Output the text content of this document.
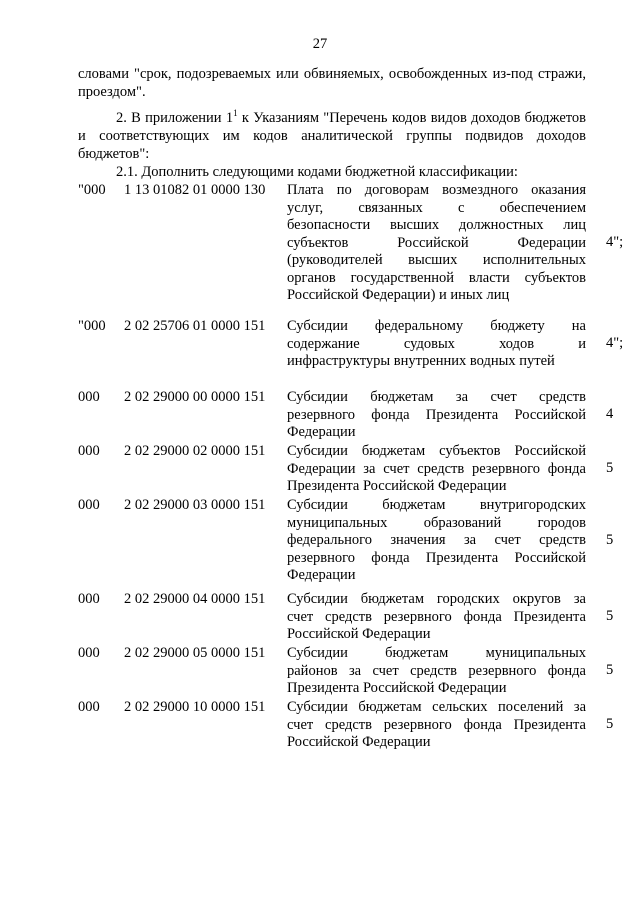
27
словами "срок, подозреваемых или обвиняемых, освобожденных из-под стражи,
проездом".
2. В приложении $1^1$ к Указаниям "Перечень кодов видов доходов бюджетов
и соответствующих им кодов аналитической группы подвидов доходов
бюджетов":
2.1. Дополнить следующими кодами бюджетной классификации:
"000 1 13 01082 01 0000 130 Плата по договорам возмездного оказания
услуг, связанных с обеспечением
безопасности высших должностных лиц
субъектов Российской Федерации
(руководителей высших исполнительных
органов государственной власти субъектов
Российской Федерации) и иных лиц
4";
"000 2 02 25706 01 0000 151 Субсидии федеральному бюджету на
содержание судовых ходов и
инфраструктуры внутренних водных путей
4";
000 2 02 29000 00 0000 151 Субсидии бюджетам за счет средств
резервного фонда Президента Российской
Федерации
4
000 2 02 29000 02 0000 151 Субсидии бюджетам субъектов Российской
Федерации за счет средств резервного фонда
Президента Российской Федерации
5
000 2 02 29000 03 0000 151 Субсидии бюджетам внутригородских
муниципальных образований городов
федерального значения за счет средств
резервного фонда Президента Российской
Федерации
5
000 2 02 29000 04 0000 151 Субсидии бюджетам городских округов за
счет средств резервного фонда Президента
Российской Федерации
5
000 2 02 29000 05 0000 151 Субсидии бюджетам муниципальных
районов за счет средств резервного фонда
Президента Российской Федерации
5
000 2 02 29000 10 0000 151 Субсидии бюджетам сельских поселений за
счет средств резервного фонда Президента
Российской Федерации
5
